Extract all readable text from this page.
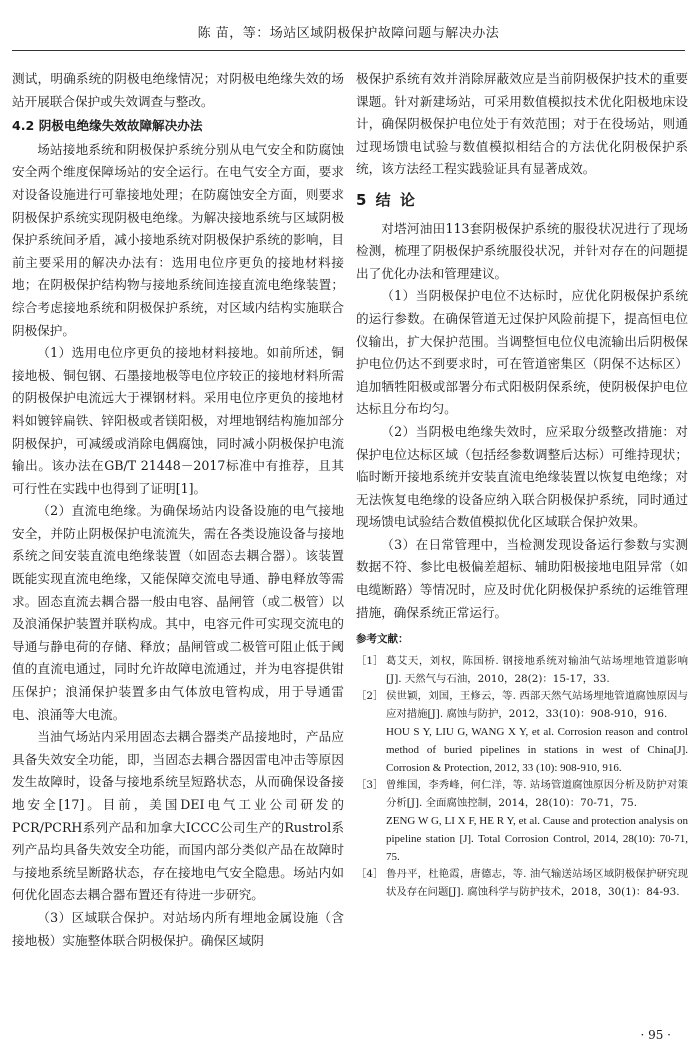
陈 苗，等：场站区域阴极保护故障问题与解决办法

测试，明确系统的阴极电绝缘情况；对阴极电绝缘失效的场站开展联合保护或失效调查与整改。

4.2 阴极电绝缘失效故障解决办法

场站接地系统和阴极保护系统分别从电气安全和防腐蚀安全两个维度保障场站的安全运行。在电气安全方面，要求对设备设施进行可靠接地处理；在防腐蚀安全方面，则要求阴极保护系统实现阴极电绝缘。为解决接地系统与区域阴极保护系统间矛盾，减小接地系统对阴极保护系统的影响，目前主要采用的解决办法有：选用电位序更负的接地材料接地；在阴极保护结构物与接地系统间连接直流电绝缘装置；综合考虑接地系统和阴极保护系统，对区域内结构实施联合阴极保护。

（1）选用电位序更负的接地材料接地。如前所述，铜接地极、铜包钢、石墨接地极等电位序较正的接地材料所需的阴极保护电流远大于裸钢材料。采用电位序更负的接地材料如镀锌扁铁、锌阳极或者镁阳极，对埋地钢结构施加部分阴极保护，可减缓或消除电偶腐蚀，同时减小阴极保护电流输出。该办法在GB/T 21448－2017标准中有推荐，且其可行性在实践中也得到了证明[1]。

（2）直流电绝缘。为确保场站内设备设施的电气接地安全，并防止阴极保护电流流失，需在各类设施设备与接地系统之间安装直流电绝缘装置（如固态去耦合器）。该装置既能实现直流电绝缘，又能保障交流电导通、静电释放等需求。固态直流去耦合器一般由电容、晶闸管（或二极管）以及浪涌保护装置并联构成。其中，电容元件可实现交流电的导通与静电荷的存储、释放；晶闸管或二极管可阻止低于阈值的直流电通过，同时允许故障电流通过，并为电容提供钳压保护；浪涌保护装置多由气体放电管构成，用于导通雷电、浪涌等大电流。

当油气场站内采用固态去耦合器类产品接地时，产品应具备失效安全功能，即，当固态去耦合器因雷电冲击等原因发生故障时，设备与接地系统呈短路状态，从而确保设备接地安全[17]。目前，美国DEI电气工业公司研发的PCR/PCRH系列产品和加拿大ICCC公司生产的Rustrol系列产品均具备失效安全功能，而国内部分类似产品在故障时与接地系统呈断路状态，存在接地电气安全隐患。场站内如何优化固态去耦合器布置还有待进一步研究。

（3）区域联合保护。对站场内所有埋地金属设施（含接地极）实施整体联合阴极保护。确保区域阴

极保护系统有效并消除屏蔽效应是当前阴极保护技术的重要课题。针对新建场站，可采用数值模拟技术优化阳极地床设计，确保阴极保护电位处于有效范围；对于在役场站，则通过现场馈电试验与数值模拟相结合的方法优化阴极保护系统，该方法经工程实践验证具有显著成效。

5 结 论

对塔河油田113套阴极保护系统的服役状况进行了现场检测，梳理了阴极保护系统服役状况，并针对存在的问题提出了优化办法和管理建议。

（1）当阴极保护电位不达标时，应优化阴极保护系统的运行参数。在确保管道无过保护风险前提下，提高恒电位仪输出，扩大保护范围。当调整恒电位仪电流输出后阴极保护电位仍达不到要求时，可在管道密集区（阴保不达标区）追加牺牲阳极或部署分布式阳极阴保系统，使阴极保护电位达标且分布均匀。

（2）当阴极电绝缘失效时，应采取分级整改措施：对保护电位达标区域（包括经参数调整后达标）可维持现状；临时断开接地系统并安装直流电绝缘装置以恢复电绝缘；对无法恢复电绝缘的设备应纳入联合阴极保护系统，同时通过现场馈电试验结合数值模拟优化区域联合保护效果。

（3）在日常管理中，当检测发现设备运行参数与实测数据不符、参比电极偏差超标、辅助阳极接地电阻异常（如电缆断路）等情况时，应及时优化阴极保护系统的运维管理措施，确保系统正常运行。

参考文献：
［1］ 葛艾天，刘权，陈国桥. 钢接地系统对输油气站场埋地管道影响[J]. 天然气与石油，2010，28(2)：15-17，33.
［2］ 侯世颖，刘国，王修云，等. 西部天然气站场埋地管道腐蚀原因与应对措施[J]. 腐蚀与防护，2012，33(10)：908-910，916.
HOU S Y, LIU G, WANG X Y, et al. Corrosion reason and control method of buried pipelines in stations in west of China[J]. Corrosion & Protection, 2012, 33 (10): 908-910, 916.
［3］ 曾维国，李秀峰，何仁洋，等. 站场管道腐蚀原因分析及防护对策分析[J]. 全面腐蚀控制，2014，28(10)：70-71，75.
ZENG W G, LI X F, HE R Y, et al. Cause and protection analysis on pipeline station [J]. Total Corrosion Control, 2014, 28(10): 70-71, 75.
［4］ 鲁丹平，杜艳霞，唐德志，等. 油气输送站场区域阴极保护研究现状及存在问题[J]. 腐蚀科学与防护技术，2018，30(1)：84-93.
· 95 ·
